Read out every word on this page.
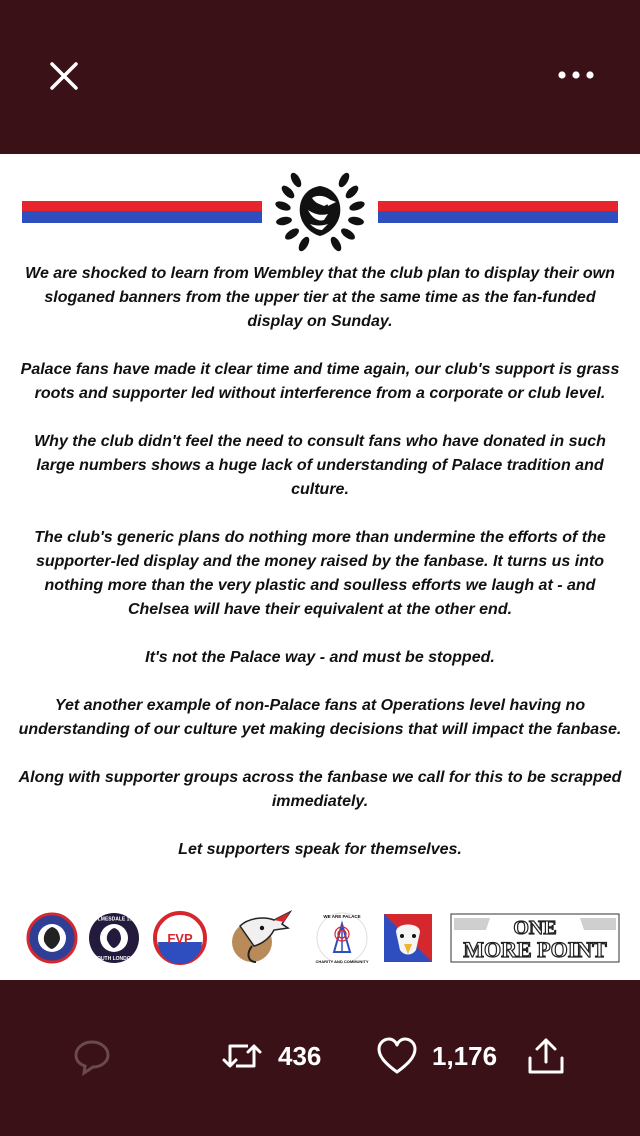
We are shocked to learn from Wembley that the club plan to display their own sloganed banners from the upper tier at the same time as the fan-funded display on Sunday.

Palace fans have made it clear time and time again, our club's support is grass roots and supporter led without interference from a corporate or club level.

Why the club didn't feel the need to consult fans who have donated in such large numbers shows a huge lack of understanding of Palace tradition and culture.

The club's generic plans do nothing more than undermine the efforts of the supporter-led display and the money raised by the fanbase. It turns us into nothing more than the very plastic and soulless efforts we laugh at - and Chelsea will have their equivalent at the other end.

It's not the Palace way - and must be stopped.

Yet another example of non-Palace fans at Operations level having no understanding of our culture yet making decisions that will impact the fanbase.

Along with supporter groups across the fanbase we call for this to be scrapped immediately.

Let supporters speak for themselves.

HOLMESDALE 1905
SOUTH LONDON
FVP
WE ARE PALACE
CHARITY AND COMMUNITY
ONE
MORE POINT
436	1,176
